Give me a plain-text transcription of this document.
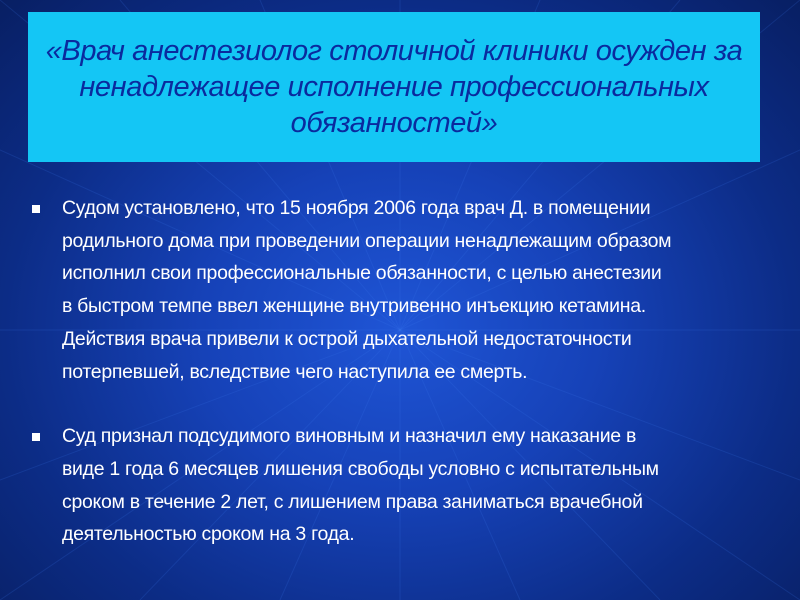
«Врач анестезиолог столичной клиники осужден за ненадлежащее исполнение профессиональных обязанностей»
Судом установлено, что 15 ноября 2006 года врач Д. в помещении
родильного дома при проведении операции ненадлежащим образом
исполнил свои профессиональные обязанности, с целью анестезии
в быстром темпе ввел женщине внутривенно инъекцию кетамина.
Действия врача привели к острой дыхательной недостаточности
потерпевшей, вследствие чего наступила ее смерть.
Суд признал подсудимого виновным и назначил ему наказание в
виде 1 года 6 месяцев лишения свободы условно с испытательным
сроком в течение 2 лет, с лишением права заниматься врачебной
деятельностью сроком на 3 года.
